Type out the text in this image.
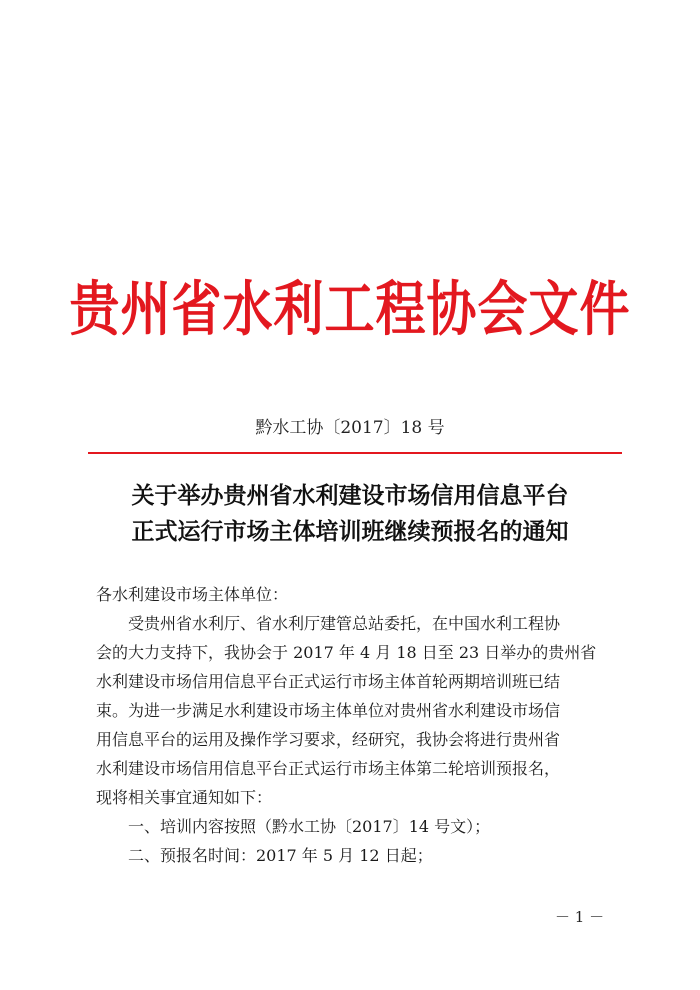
贵州省水利工程协会文件
黔水工协〔2017〕18 号
关于举办贵州省水利建设市场信用信息平台
正式运行市场主体培训班继续预报名的通知

各水利建设市场主体单位：

受贵州省水利厅、省水利厅建管总站委托，在中国水利工程协

会的大力支持下，我协会于 2017 年 4 月 18 日至 23 日举办的贵州省

水利建设市场信用信息平台正式运行市场主体首轮两期培训班已结

束。为进一步满足水利建设市场主体单位对贵州省水利建设市场信

用信息平台的运用及操作学习要求，经研究，我协会将进行贵州省

水利建设市场信用信息平台正式运行市场主体第二轮培训预报名，

现将相关事宜通知如下：

一、培训内容按照（黔水工协〔2017〕14 号文）；

二、预报名时间：2017 年 5 月 12 日起；

－ 1 －
